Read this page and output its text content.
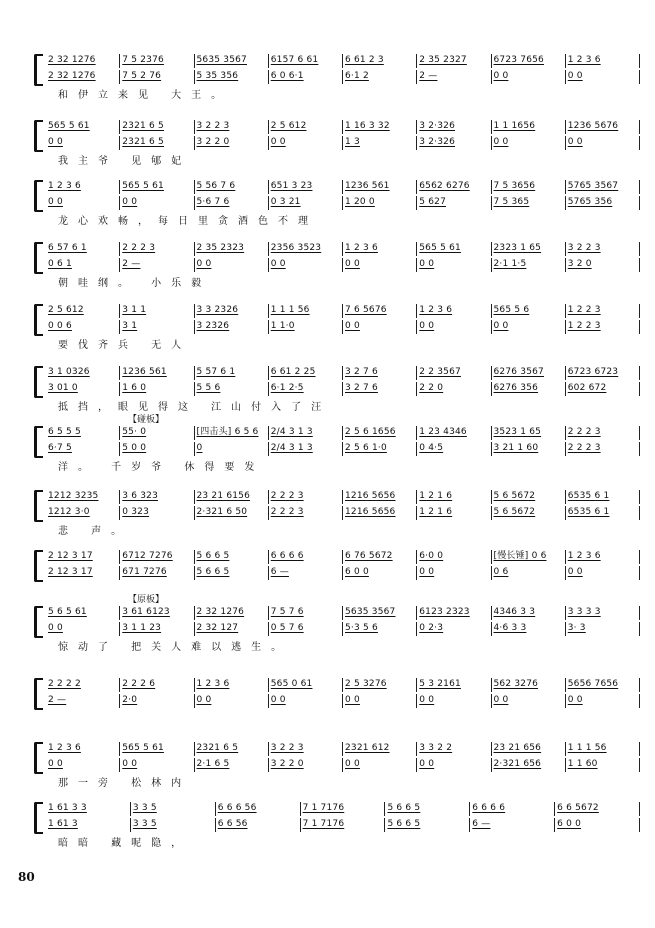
2 32 1276	7 5 2376	5635 3567	6157 6 61	6 61 2 3	2 35 2327	6723 7656	1 2 3 6
2 32 1276	7 5 2 76	5 35 356	6 0 6·1	6·1 2	2 —	0 0	0 0
和伊立来见 大王。
565 5 61	2321 6 5	3 2 2 3	2 5 612	1 16 3 32	3 2·326	1 1 1656	1236 5676
0 0	2321 6 5	3 2 2 0	0 0	1 3	3 2·326	0 0	0 0
我主爷 见郇妃
1 2 3 6	565 5 61	5 56 7 6	651 3 23	1236 561	6562 6276	7 5 3656	5765 3567
0 0	0 0	5·6 7 6	0 3 21	1 20 0	5 627	7 5 365	5765 356
龙心欢畅，每日里贪酒色不理
6 57 6 1	2 2 2 3	2 35 2323	2356 3523	1 2 3 6	565 5 61	2323 1 65	3 2 2 3
0 6 1	2 —	0 0	0 0	0 0	0 0	2·1 1·5	3 2 0
朝哇纲。 小乐毅
2 5 612	3 1 1	3 3 2326	1 1 1 56	7 6 5676	1 2 3 6	565 5 6	1 2 2 3
0 0 6	3 1	3 2326	1 1·0	0 0	0 0	0 0	1 2 2 3
要伐齐兵 无人
3 1 0326	1236 561	5 57 6 1	6 61 2 25	3 2 7 6	2 2 3567	6276 3567	6723 6723
3 01 0	1 6 0	5 5 6	6·1 2·5	3 2 7 6	2 2 0	6276 356	602 672
抵挡，眼见得这 江山付入了汪
【碰板】
6 5 5 5	55· 0	[四击头] 6 5 6	2/4 3 1 3	2 5 6 1656	1 23 4346	3523 1 65	2 2 2 3
6·7 5	5 0 0	0	2/4 3 1 3	2 5 6 1·0	0 4·5	3 21 1 60	2 2 2 3
洋。 千岁爷 休得要发
1212 3235	3 6 323	23 21 6156	2 2 2 3	1216 5656	1 2 1 6	5 6 5672	6535 6 1
1212 3·0	0 323	2·321 6 50	2 2 2 3	1216 5656	1 2 1 6	5 6 5672	6535 6 1
悲 声。
2 12 3 17	6712 7276	5 6 6 5	6 6 6 6	6 76 5672	6·0 0	[慢长锤] 0 6	1 2 3 6
2 12 3 17	671 7276	5 6 6 5	6 —	6 0 0	0 0	0 6	0 0
【原板】
5 6 5 61	3 61 6123	2 32 1276	7 5 7 6	5635 3567	6123 2323	4346 3 3	3 3 3 3
0 0	3 1 1 23	2 32 127	0 5 7 6	5·3 5 6	0 2·3	4·6 3 3	3· 3
惊动了 把关人难以逃生。
2 2 2 2	2 2 2 6	1 2 3 6	565 0 61	2 5 3276	5 3 2161	562 3276	5656 7656
2 —	2·0	0 0	0 0	0 0	0 0	0 0	0 0
1 2 3 6	565 5 61	2321 6 5	3 2 2 3	2321 612	3 3 2 2	23 21 656	1 1 1 56
0 0	0 0	2·1 6 5	3 2 2 0	0 0	0 0	2·321 656	1 1 60
那一旁 松林内
1 61 3 3	3 3 5	6 6 6 56	7 1 7176	5 6 6 5	6 6 6 6	6 6 5672
1 61 3	3 3 5	6 6 56	7 1 7176	5 6 6 5	6 —	6 0 0
暗暗 藏呢隐，
80
